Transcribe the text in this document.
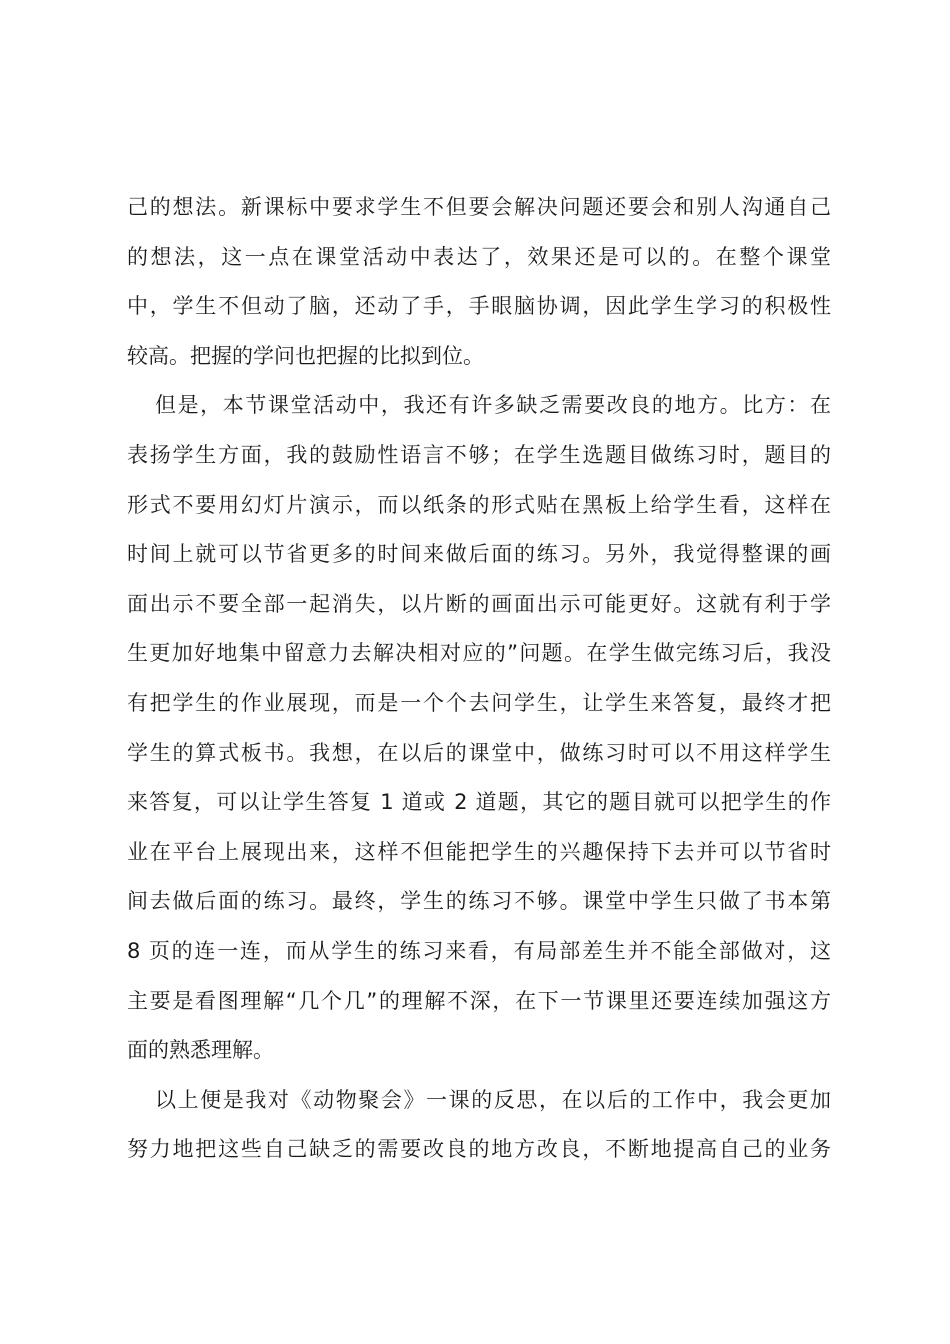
己的想法。新课标中要求学生不但要会解决问题还要会和别人沟通自己
的想法，这一点在课堂活动中表达了，效果还是可以的。在整个课堂
中，学生不但动了脑，还动了手，手眼脑协调，因此学生学习的积极性
较高。把握的学问也把握的比拟到位。
但是，本节课堂活动中，我还有许多缺乏需要改良的地方。比方：在
表扬学生方面，我的鼓励性语言不够；在学生选题目做练习时，题目的
形式不要用幻灯片演示，而以纸条的形式贴在黑板上给学生看，这样在
时间上就可以节省更多的时间来做后面的练习。另外，我觉得整课的画
面出示不要全部一起消失，以片断的画面出示可能更好。这就有利于学
生更加好地集中留意力去解决相对应的”问题。在学生做完练习后，我没
有把学生的作业展现，而是一个个去问学生，让学生来答复，最终才把
学生的算式板书。我想，在以后的课堂中，做练习时可以不用这样学生
来答复，可以让学生答复 1 道或 2 道题，其它的题目就可以把学生的作
业在平台上展现出来，这样不但能把学生的兴趣保持下去并可以节省时
间去做后面的练习。最终，学生的练习不够。课堂中学生只做了书本第
8 页的连一连，而从学生的练习来看，有局部差生并不能全部做对，这
主要是看图理解“几个几”的理解不深，在下一节课里还要连续加强这方
面的熟悉理解。
以上便是我对《动物聚会》一课的反思，在以后的工作中，我会更加
努力地把这些自己缺乏的需要改良的地方改良，不断地提高自己的业务
